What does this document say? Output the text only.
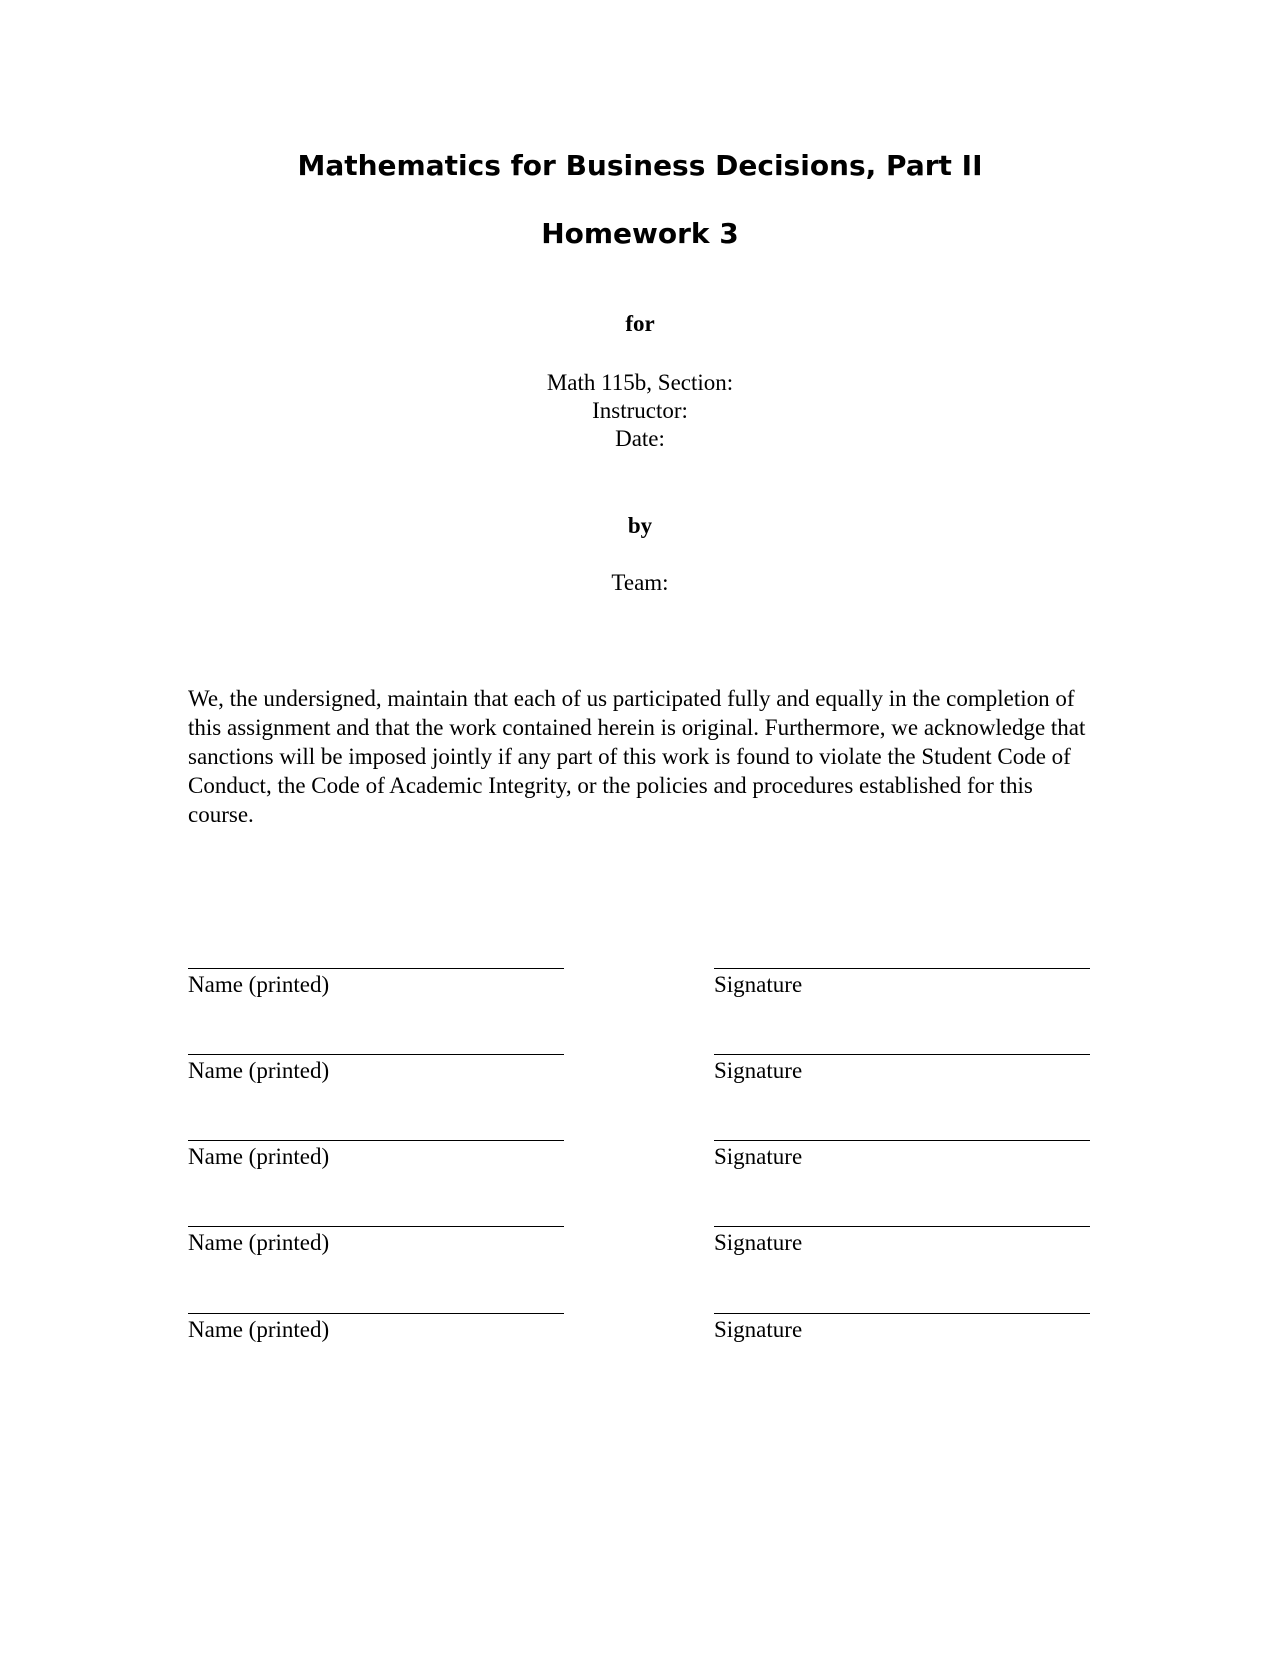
Mathematics for Business Decisions, Part II
Homework 3
for
Math 115b, Section:
Instructor:
Date:
by
Team:

We, the undersigned, maintain that each of us participated fully and equally in the completion of this assignment and that the work contained herein is original. Furthermore, we acknowledge that sanctions will be imposed jointly if any part of this work is found to violate the Student Code of Conduct, the Code of Academic Integrity, or the policies and procedures established for this course.

Name (printed)	Signature
Name (printed)	Signature
Name (printed)	Signature
Name (printed)	Signature
Name (printed)	Signature
